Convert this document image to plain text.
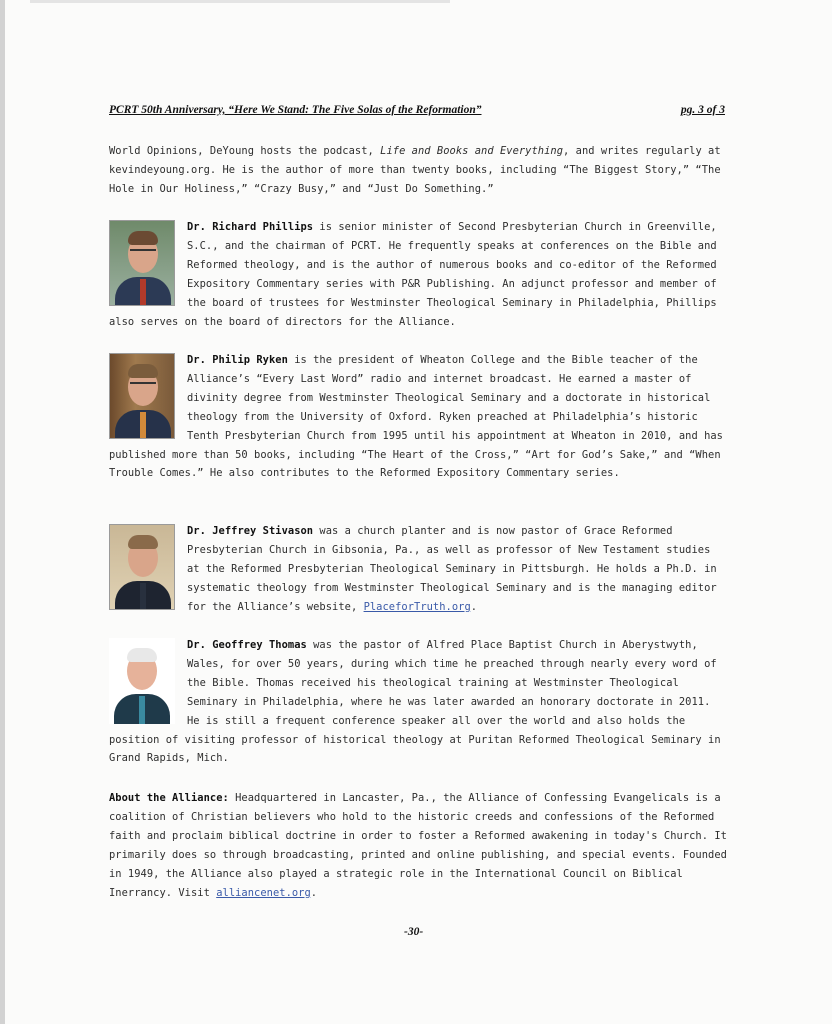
PCRT 50th Anniversary, “Here We Stand: The Five Solas of the Reformation”	pg. 3 of 3

World Opinions, DeYoung hosts the podcast, Life and Books and Everything, and writes regularly at kevindeyoung.org. He is the author of more than twenty books, including “The Biggest Story,” “The Hole in Our Holiness,” “Crazy Busy,” and “Just Do Something.”

Dr. Richard Phillips is senior minister of Second Presbyterian Church in Greenville, S.C., and the chairman of PCRT. He frequently speaks at conferences on the Bible and Reformed theology, and is the author of numerous books and co-editor of the Reformed Expository Commentary series with P&R Publishing. An adjunct professor and member of the board of trustees for Westminster Theological Seminary in Philadelphia, Phillips also serves on the board of directors for the Alliance.

Dr. Philip Ryken is the president of Wheaton College and the Bible teacher of the Alliance’s “Every Last Word” radio and internet broadcast. He earned a master of divinity degree from Westminster Theological Seminary and a doctorate in historical theology from the University of Oxford. Ryken preached at Philadelphia’s historic Tenth Presbyterian Church from 1995 until his appointment at Wheaton in 2010, and has published more than 50 books, including “The Heart of the Cross,” “Art for God’s Sake,” and “When Trouble Comes.” He also contributes to the Reformed Expository Commentary series.

Dr. Jeffrey Stivason was a church planter and is now pastor of Grace Reformed Presbyterian Church in Gibsonia, Pa., as well as professor of New Testament studies at the Reformed Presbyterian Theological Seminary in Pittsburgh. He holds a Ph.D. in systematic theology from Westminster Theological Seminary and is the managing editor for the Alliance’s website, PlaceforTruth.org.

Dr. Geoffrey Thomas was the pastor of Alfred Place Baptist Church in Aberystwyth, Wales, for over 50 years, during which time he preached through nearly every word of the Bible. Thomas received his theological training at Westminster Theological Seminary in Philadelphia, where he was later awarded an honorary doctorate in 2011. He is still a frequent conference speaker all over the world and also holds the position of visiting professor of historical theology at Puritan Reformed Theological Seminary in Grand Rapids, Mich.

About the Alliance: Headquartered in Lancaster, Pa., the Alliance of Confessing Evangelicals is a coalition of Christian believers who hold to the historic creeds and confessions of the Reformed faith and proclaim biblical doctrine in order to foster a Reformed awakening in today's Church. It primarily does so through broadcasting, printed and online publishing, and special events. Founded in 1949, the Alliance also played a strategic role in the International Council on Biblical Inerrancy. Visit alliancenet.org.

-30-
